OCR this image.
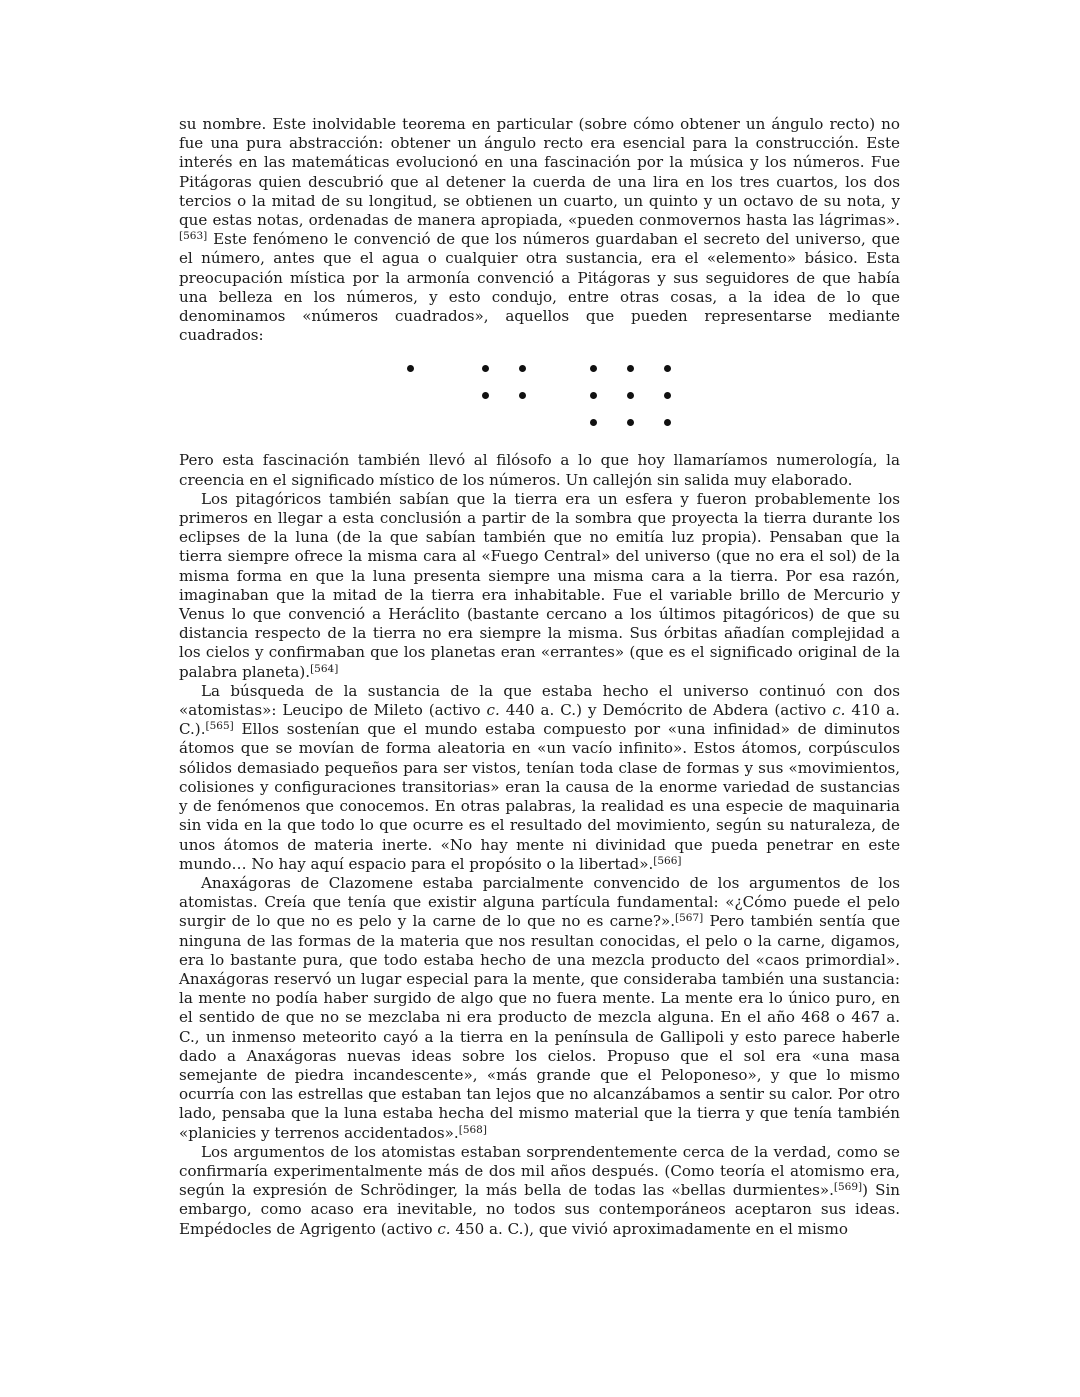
su nombre. Este inolvidable teorema en particular (sobre cómo obtener un ángulo recto) no fue una pura abstracción: obtener un ángulo recto era esencial para la construcción. Este interés en las matemáticas evolucionó en una fascinación por la música y los números. Fue Pitágoras quien descubrió que al detener la cuerda de una lira en los tres cuartos, los dos tercios o la mitad de su longitud, se obtienen un cuarto, un quinto y un octavo de su nota, y que estas notas, ordenadas de manera apropiada, «pueden conmovernos hasta las lágrimas».[563] Este fenómeno le convenció de que los números guardaban el secreto del universo, que el número, antes que el agua o cualquier otra sustancia, era el «elemento» básico. Esta preocupación mística por la armonía convenció a Pitágoras y sus seguidores de que había una belleza en los números, y esto condujo, entre otras cosas, a la idea de lo que denominamos «números cuadrados», aquellos que pueden representarse mediante cuadrados:

Pero esta fascinación también llevó al filósofo a lo que hoy llamaríamos numerología, la creencia en el significado místico de los números. Un callejón sin salida muy elaborado.

Los pitagóricos también sabían que la tierra era un esfera y fueron probablemente los primeros en llegar a esta conclusión a partir de la sombra que proyecta la tierra durante los eclipses de la luna (de la que sabían también que no emitía luz propia). Pensaban que la tierra siempre ofrece la misma cara al «Fuego Central» del universo (que no era el sol) de la misma forma en que la luna presenta siempre una misma cara a la tierra. Por esa razón, imaginaban que la mitad de la tierra era inhabitable. Fue el variable brillo de Mercurio y Venus lo que convenció a Heráclito (bastante cercano a los últimos pitagóricos) de que su distancia respecto de la tierra no era siempre la misma. Sus órbitas añadían complejidad a los cielos y confirmaban que los planetas eran «errantes» (que es el significado original de la palabra planeta).[564]

La búsqueda de la sustancia de la que estaba hecho el universo continuó con dos «atomistas»: Leucipo de Mileto (activo c. 440 a. C.) y Demócrito de Abdera (activo c. 410 a. C.).[565] Ellos sostenían que el mundo estaba compuesto por «una infinidad» de diminutos átomos que se movían de forma aleatoria en «un vacío infinito». Estos átomos, corpúsculos sólidos demasiado pequeños para ser vistos, tenían toda clase de formas y sus «movimientos, colisiones y configuraciones transitorias» eran la causa de la enorme variedad de sustancias y de fenómenos que conocemos. En otras palabras, la realidad es una especie de maquinaria sin vida en la que todo lo que ocurre es el resultado del movimiento, según su naturaleza, de unos átomos de materia inerte. «No hay mente ni divinidad que pueda penetrar en este mundo… No hay aquí espacio para el propósito o la libertad».[566]

Anaxágoras de Clazomene estaba parcialmente convencido de los argumentos de los atomistas. Creía que tenía que existir alguna partícula fundamental: «¿Cómo puede el pelo surgir de lo que no es pelo y la carne de lo que no es carne?».[567] Pero también sentía que ninguna de las formas de la materia que nos resultan conocidas, el pelo o la carne, digamos, era lo bastante pura, que todo estaba hecho de una mezcla producto del «caos primordial». Anaxágoras reservó un lugar especial para la mente, que consideraba también una sustancia: la mente no podía haber surgido de algo que no fuera mente. La mente era lo único puro, en el sentido de que no se mezclaba ni era producto de mezcla alguna. En el año 468 o 467 a. C., un inmenso meteorito cayó a la tierra en la península de Gallipoli y esto parece haberle dado a Anaxágoras nuevas ideas sobre los cielos. Propuso que el sol era «una masa semejante de piedra incandescente», «más grande que el Peloponeso», y que lo mismo ocurría con las estrellas que estaban tan lejos que no alcanzábamos a sentir su calor. Por otro lado, pensaba que la luna estaba hecha del mismo material que la tierra y que tenía también «planicies y terrenos accidentados».[568]

Los argumentos de los atomistas estaban sorprendentemente cerca de la verdad, como se confirmaría experimentalmente más de dos mil años después. (Como teoría el atomismo era, según la expresión de Schrödinger, la más bella de todas las «bellas durmientes».[569]) Sin embargo, como acaso era inevitable, no todos sus contemporáneos aceptaron sus ideas. Empédocles de Agrigento (activo c. 450 a. C.), que vivió aproximadamente en el mismo
